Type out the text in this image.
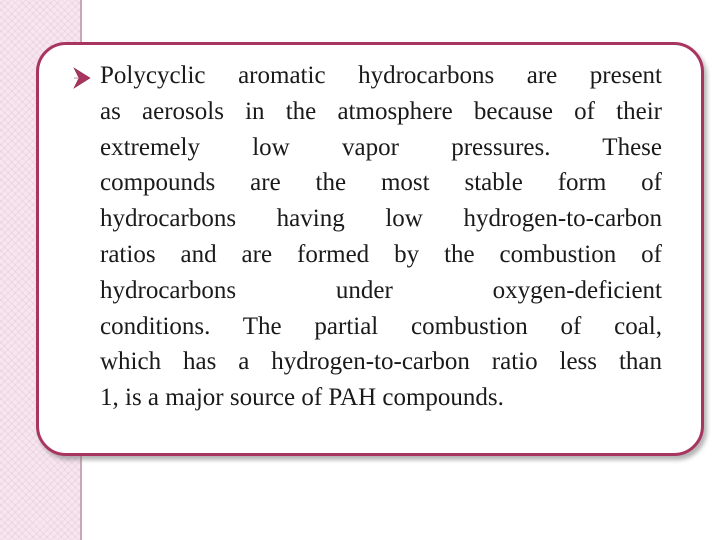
Polycyclic aromatic hydrocarbons are present
as aerosols in the atmosphere because of their
extremely low vapor pressures. These
compounds are the most stable form of
hydrocarbons having low hydrogen-to-carbon
ratios and are formed by the combustion of
hydrocarbons under oxygen-deficient
conditions. The partial combustion of coal,
which has a hydrogen-to-carbon ratio less than
1, is a major source of PAH compounds.
